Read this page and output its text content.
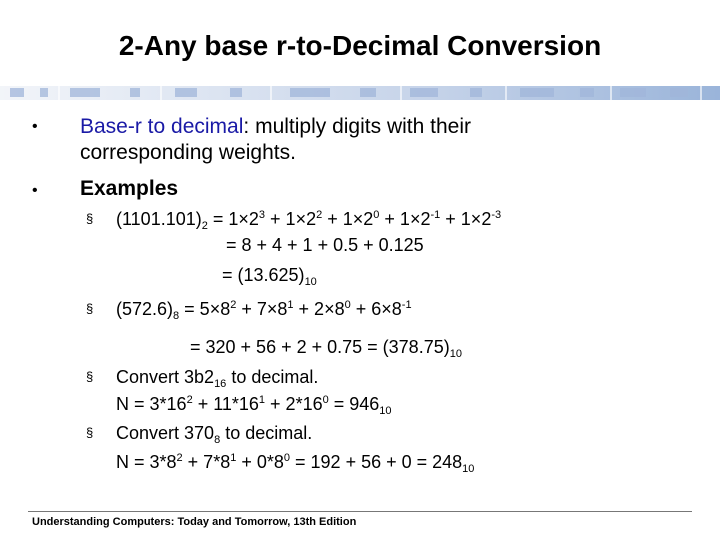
2-Any base r-to-Decimal Conversion
• Base-r to decimal: multiply digits with their
corresponding weights.
• Examples
§ $(1101.101)_2 = 1\times 2^3 + 1\times 2^2 + 1\times 2^0 + 1\times 2^{-1} + 1\times 2^{-3}$
= 8 + 4 + 1 + 0.5 + 0.125
= $(13.625)_{10}$
§ $(572.6)_8 = 5\times 8^2 + 7\times 8^1 + 2\times 8^0 + 6\times 8^{-1}$
= $320 + 56 + 2 + 0.75 = (378.75)_{10}$
§ Convert $3b2_{16}$ to decimal.
$N = 3*16^2 + 11*16^1 + 2*16^0 = 946_{10}$
§ Convert $370_8$ to decimal.
$N = 3*8^2 + 7*8^1 + 0*8^0 = 192 + 56 + 0 = 248_{10}$
Understanding Computers: Today and Tomorrow, 13th Edition
